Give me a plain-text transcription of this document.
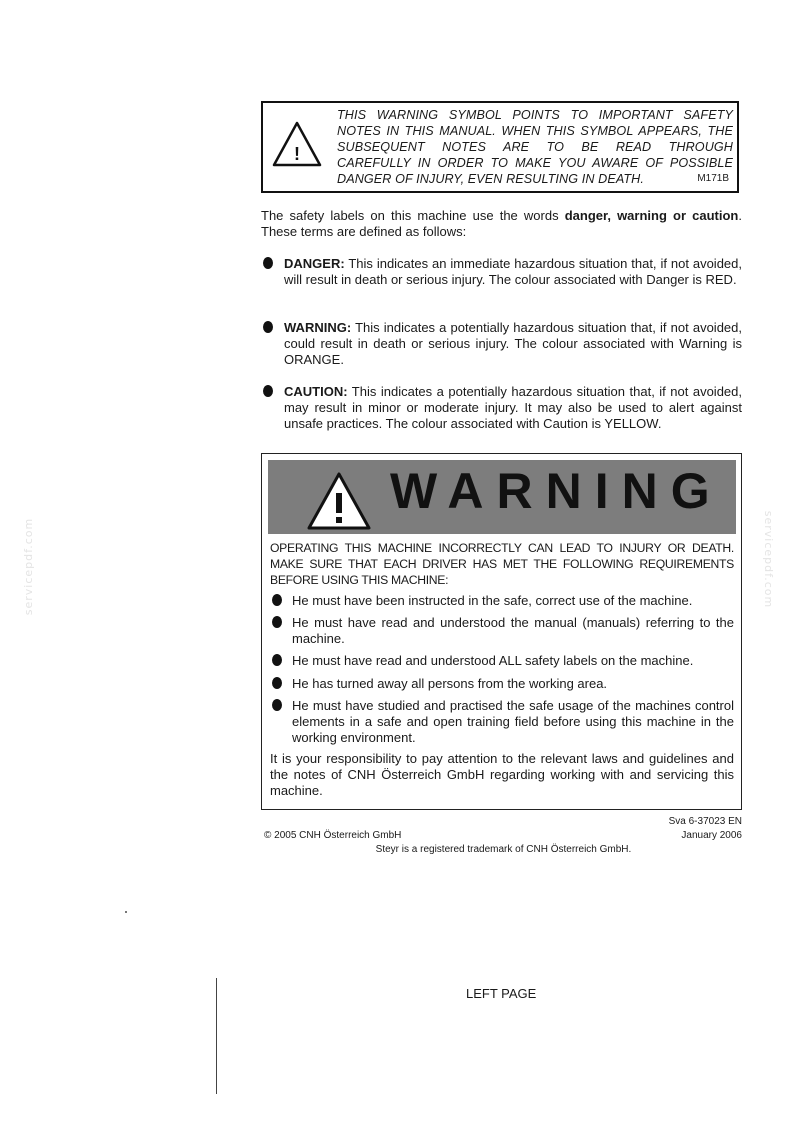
servicepdf.com	servicepdf.com
!
THIS WARNING SYMBOL POINTS TO IMPORTANT SAFETY
NOTES IN THIS MANUAL. WHEN THIS SYMBOL APPEARS, THE
SUBSEQUENT NOTES ARE TO BE READ THROUGH
CAREFULLY IN ORDER TO MAKE YOU AWARE OF POSSIBLE
DANGER OF INJURY, EVEN RESULTING IN DEATH.	M171B
The safety labels on this machine use the words danger, warning or caution. These terms are defined as follows:
DANGER: This indicates an immediate hazardous situation that, if not avoided, will result in death or serious injury. The colour associated with Danger is RED.
WARNING: This indicates a potentially hazardous situation that, if not avoided, could result in death or serious injury. The colour associated with Warning is ORANGE.
CAUTION: This indicates a potentially hazardous situation that, if not avoided, may result in minor or moderate injury. It may also be used to alert against unsafe practices. The colour associated with Caution is YELLOW.
WARNING
OPERATING THIS MACHINE INCORRECTLY CAN LEAD TO INJURY OR DEATH. MAKE SURE THAT EACH DRIVER HAS MET THE FOLLOWING REQUIREMENTS BEFORE USING THIS MACHINE:
He must have been instructed in the safe, correct use of the machine.
He must have read and understood the manual (manuals) referring to the machine.
He must have read and understood ALL safety labels on the machine.
He has turned away all persons from the working area.
He must have studied and practised the safe usage of the machines control elements in a safe and open training field before using this machine in the working environment.
It is your responsibility to pay attention to the relevant laws and guidelines and the notes of CNH Österreich GmbH regarding working with and servicing this machine.
Sva 6-37023 EN
© 2005 CNH Österreich GmbH	January 2006
Steyr is a registered trademark of CNH Österreich GmbH.
LEFT PAGE
